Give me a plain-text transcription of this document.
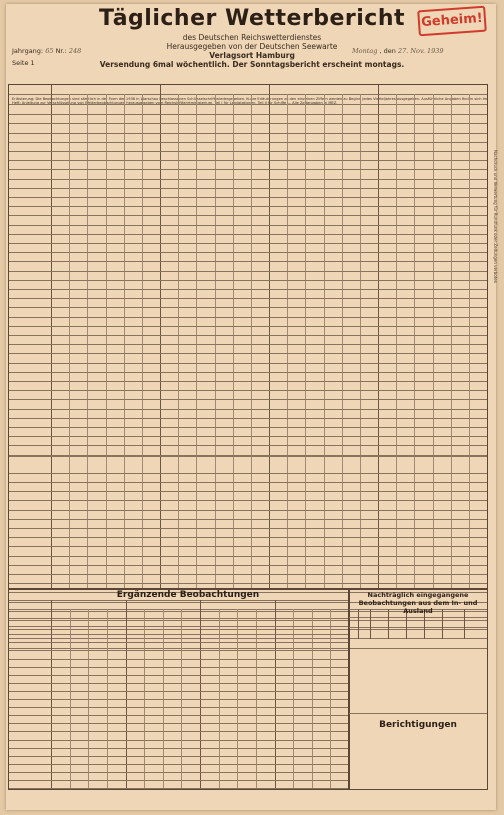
Täglicher Wetterbericht
des Deutschen Reichswetterdienstes
Herausgegeben von der Deutschen Seewarte
Verlagsort Hamburg
Versendung 6mal wöchentlich. Der Sonntagsbericht erscheint montags.
Geheim!
Jahrgang: 65 Nr.: 248
Seite 1
Montag , den 27. Nov. 1939
Erläuterung: Die Beobachtungen sind sämtlich in der Form der 1938 in Warschau beschlossenen Schlüsselschrift wiedergegeben. Kurze Erläuterungen zu den einzelnen Ziffern werden zu Beginn jedes Vierteljahres ausgegeben. Ausführliche Angaben finden sich im Heft: Anleitung zur Verschlüsselung von Wetterbeobachtungen herausgegeben vom Reichsluftfahrtministerium, Teil I für Landstationen, Teil II für Schiffe — Alle Zeitangaben in MEZ.
Ergänzende Beobachtungen	Nachträglich eingegangene Beobachtungen aus dem In- und Ausland
Berichtigungen
Nachdruck und Verwertung für Rundfunk oder Zeitungen verboten
